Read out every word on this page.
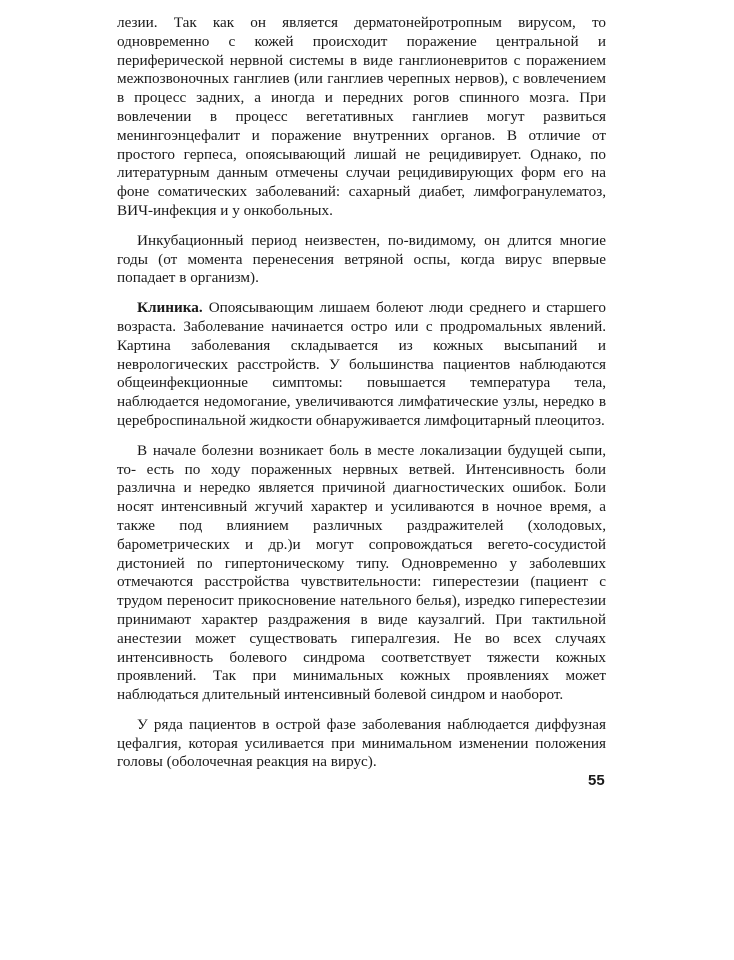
лезии. Так как он является дерматонейротропным вирусом, то одновременно с кожей происходит поражение центральной и периферической нервной системы в виде ганглионевритов с поражением межпозвоночных ганглиев (или ганглиев черепных нервов), с вовлечением в процесс задних, а иногда и передних рогов спинного мозга. При вовлечении в процесс вегетативных ганглиев могут развиться менингоэнцефалит и поражение внутренних органов. В отличие от простого герпеса, опоясывающий лишай не рецидивирует. Однако, по литературным данным отмечены случаи рецидивирующих форм его на фоне соматических заболеваний: сахарный диабет, лимфогранулематоз, ВИЧ-инфекция и у онкобольных.

Инкубационный период неизвестен, по-видимому, он длится многие годы (от момента перенесения ветряной оспы, когда вирус впервые попадает в организм).

Клиника. Опоясывающим лишаем болеют люди среднего и старшего возраста. Заболевание начинается остро или с продромальных явлений. Картина заболевания складывается из кожных высыпаний и неврологических расстройств. У большинства пациентов наблюдаются общеинфекционные симптомы: повышается температура тела, наблюдается недомогание, увеличиваются лимфатические узлы, нередко в цереброспинальной жидкости обнаруживается лимфоцитарный плеоцитоз.

В начале болезни возникает боль в месте локализации будущей сыпи, то- есть по ходу пораженных нервных ветвей. Интенсивность боли различна и нередко является причиной диагностических ошибок. Боли носят интенсивный жгучий характер и усиливаются в ночное время, а также под влиянием различных раздражителей (холодовых, барометрических и др.)и могут сопровождаться вегето-сосудистой дистонией по гипертоническому типу. Одновременно у заболевших отмечаются расстройства чувствительности: гиперестезии (пациент с трудом переносит прикосновение нательного белья), изредко гиперестезии принимают характер раздражения в виде каузалгий. При тактильной анестезии может существовать гипералгезия. Не во всех случаях интенсивность болевого синдрома соответствует тяжести кожных проявлений. Так при минимальных кожных проявлениях может наблюдаться длительный интенсивный болевой синдром и наоборот.

У ряда пациентов в острой фазе заболевания наблюдается диффузная цефалгия, которая усиливается при минимальном изменении положения головы (оболочечная реакция на вирус).

55
